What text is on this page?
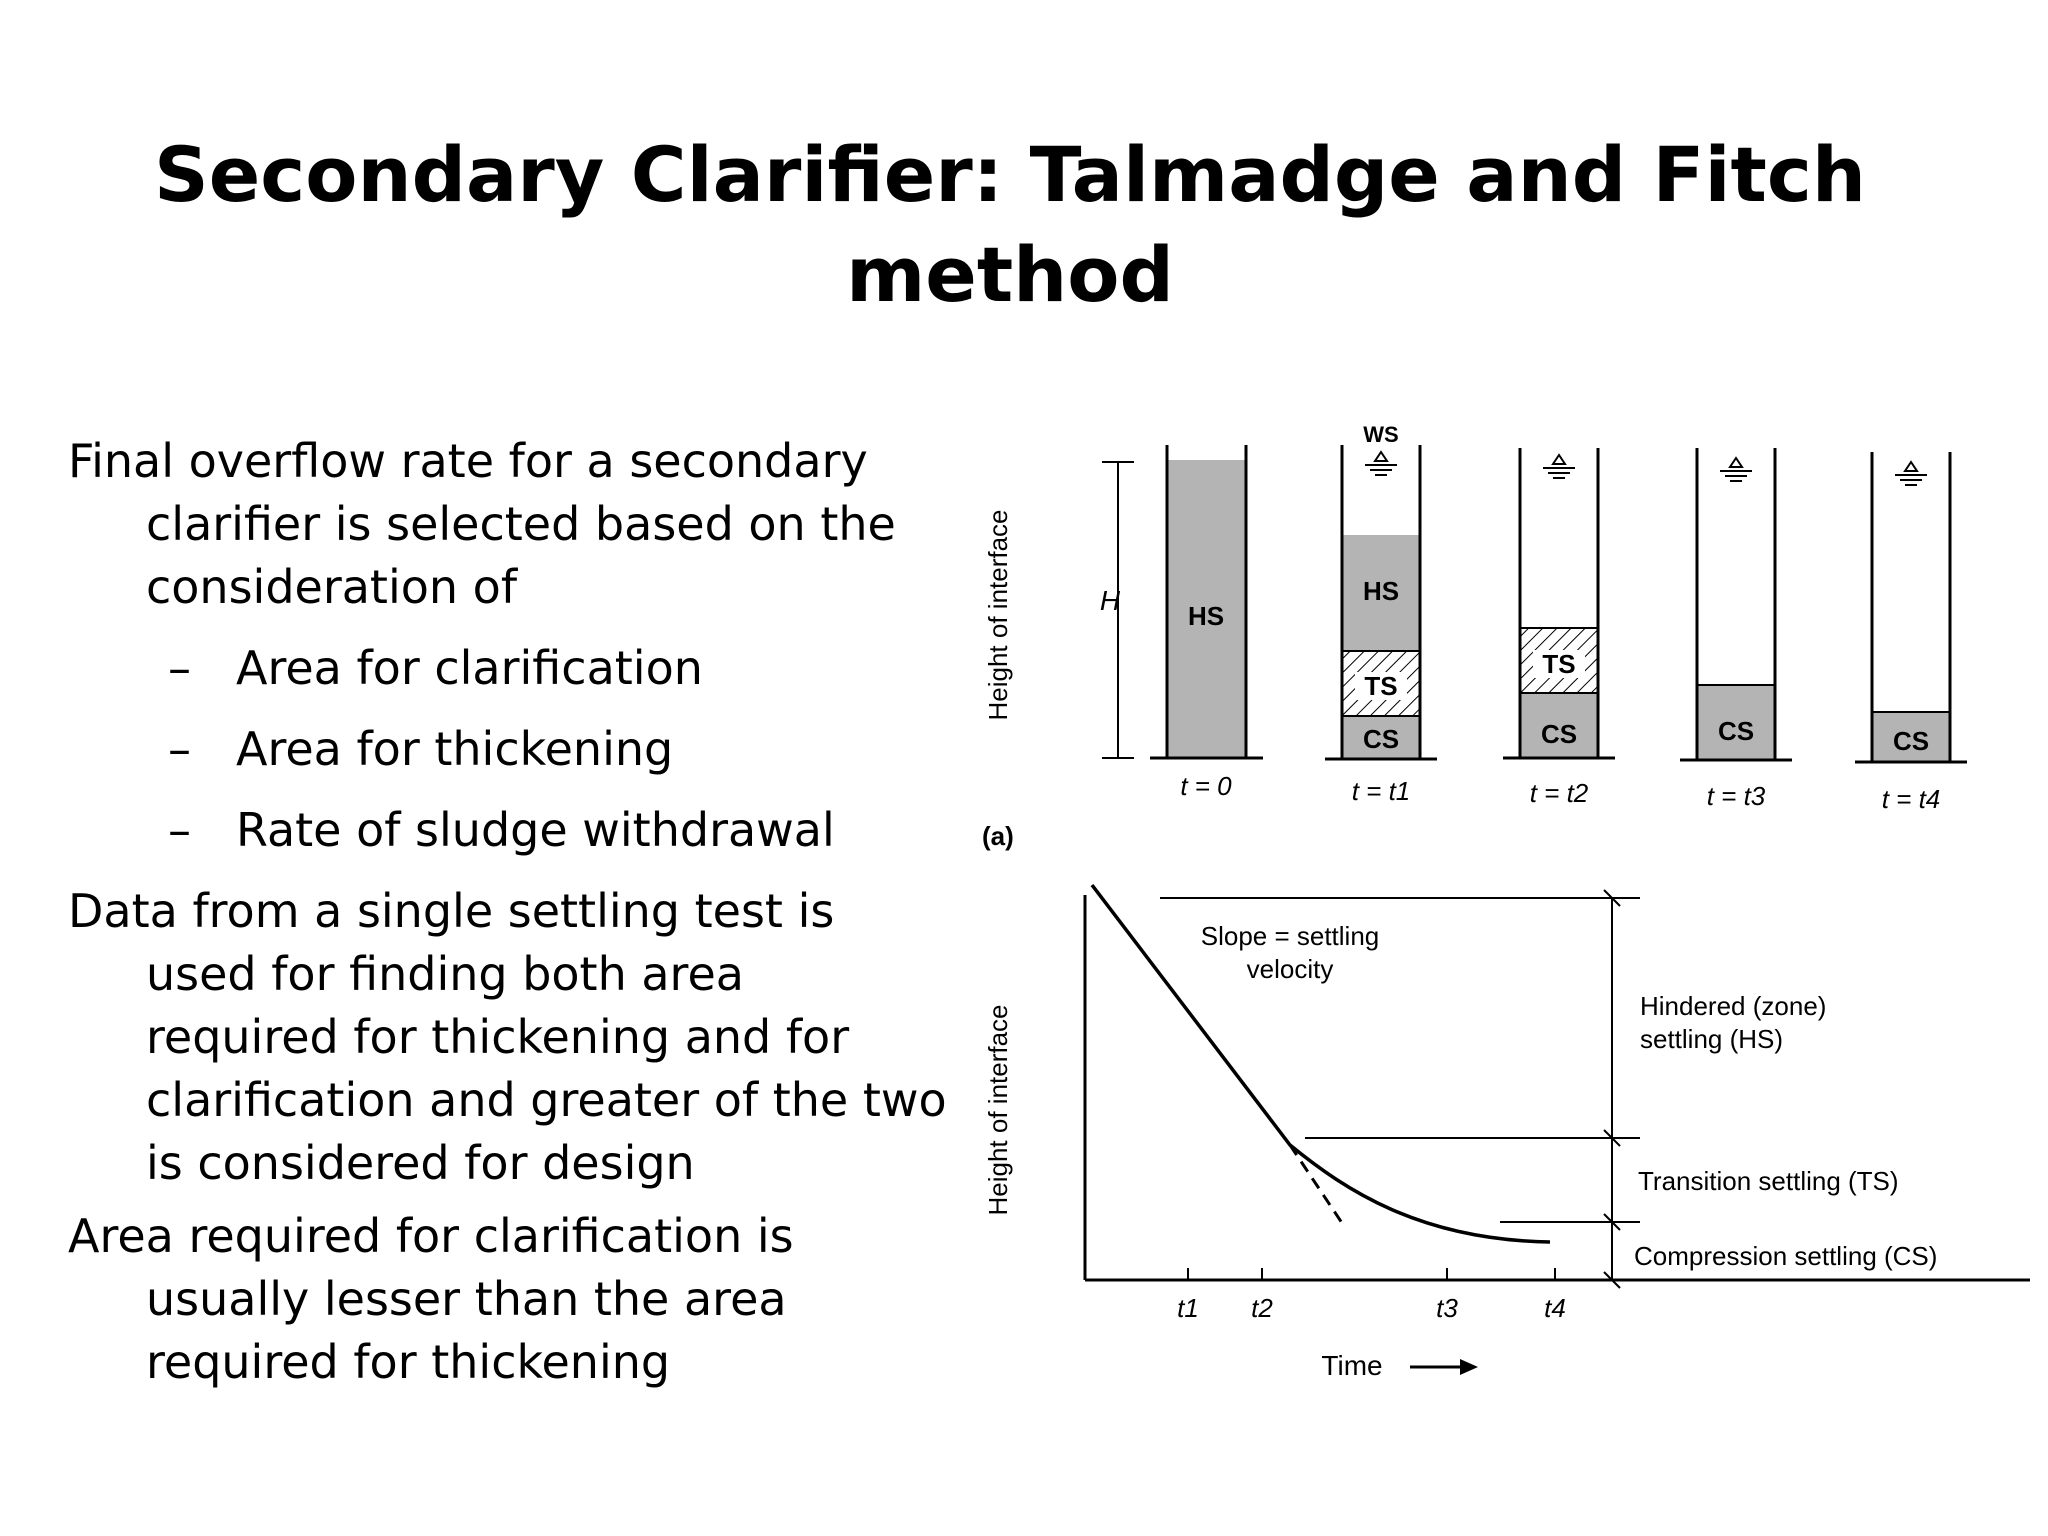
Secondary Clarifier: Talmadge and Fitch method

Final overflow rate for a secondary clarifier is selected based on the consideration of

– Area for clarification
– Area for thickening
– Rate of sludge withdrawal

Data from a single settling test is used for finding both area required for thickening and for clarification and greater of the two is considered for design

Area required for clarification is usually lesser than the area required for thickening

Height of interface	H	HS
t = 0
WS
HS
TS
CS
t = t1
TS
CS
t = t2
CS
t = t3
CS
t = t4
(a)
Height of interface
Slope = settling
velocity
t1 t2	t3	t4
Time
Hindered (zone)
settling (HS)
Transition settling (TS)
Compression settling (CS)
